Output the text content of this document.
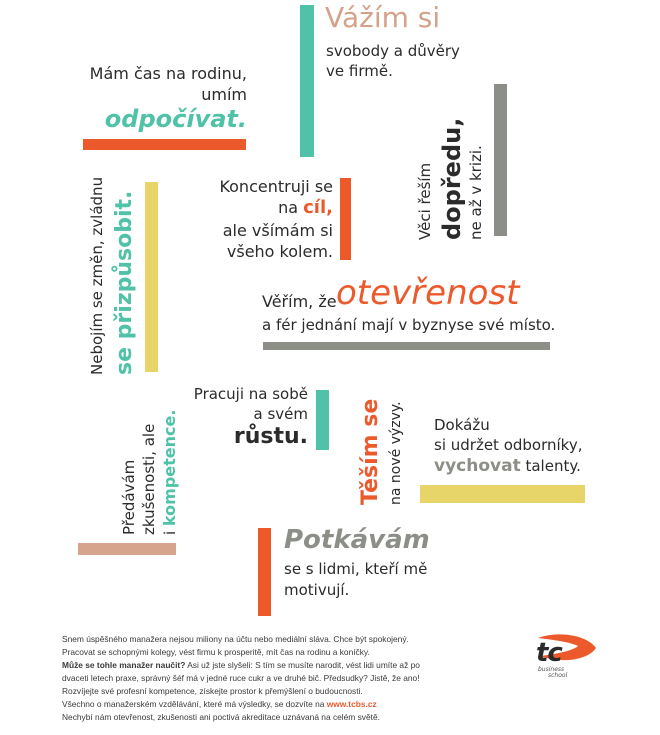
Vážím si
svobody a důvěry
ve firmě.
Mám čas na rodinu,
umím
odpočívat.
Věci řeším dopředu, ne až v krizi.
Nebojím se změn, zvládnu se přizpůsobit.
Koncentruji se
na cíl,
ale všímám si
všeho kolem.
Věřím, že otevřenost
a fér jednání mají v byznyse své místo.
Pracuji na sobě
a svém
růstu. Těším se na nové výzvy. Dokážu
si udržet odborníky,
vychovat talenty.
Předávám zkušenosti, ale i kompetence.
Potkávám
se s lidmi, kteří mě
motivují.

Snem úspěšného manažera nejsou miliony na účtu nebo mediální sláva. Chce být spokojený.

Pracovat se schopnými kolegy, vést firmu k prosperitě, mít čas na rodinu a koníčky.

Může se tohle manažer naučit? Asi už jste slyšeli: S tím se musíte narodit, vést lidi umíte až po

dvaceti letech praxe, správný šéf má v jedné ruce cukr a ve druhé bič. Předsudky? Jistě, že ano!

Rozvíjejte své profesní kompetence, získejte prostor k přemýšlení o budoucnosti.

Všechno o manažerském vzdělávání, které má výsledky, se dozvíte na www.tcbs.cz

Nechybí nám otevřenost, zkušenosti ani poctivá akreditace uznávaná na celém světě.

tc
business
school
